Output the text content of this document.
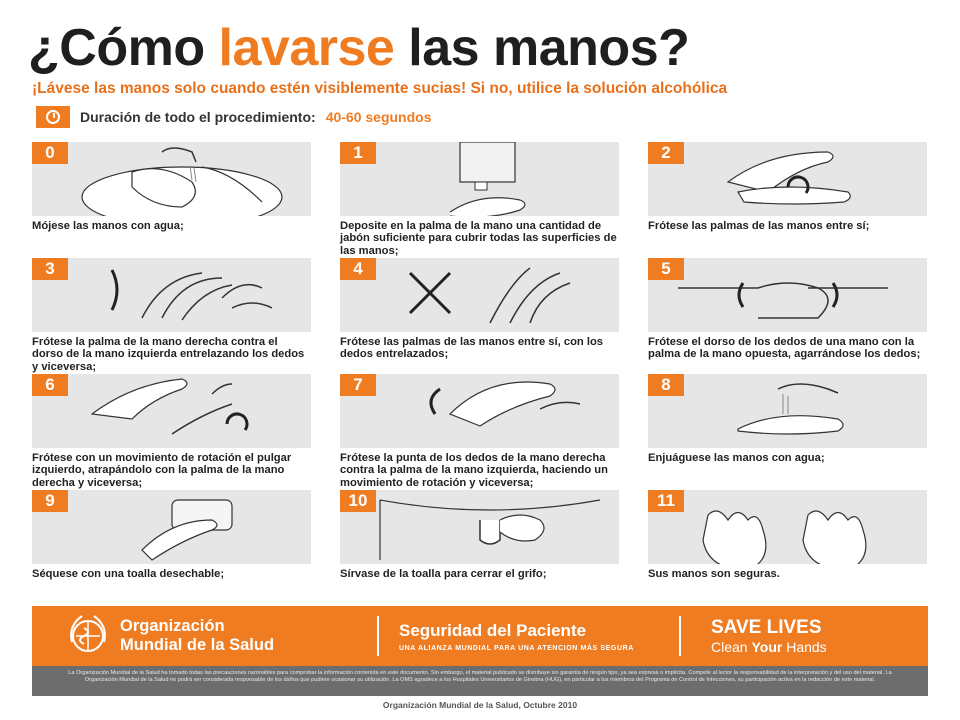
¿Cómo lavarse las manos?
¡Lávese las manos solo cuando estén visiblemente sucias! Si no, utilice la solución alcohólica
Duración de todo el procedimiento: 40-60 segundos
0
Mójese las manos con agua;
1
Deposite en la palma de la mano una cantidad de jabón suficiente para cubrir todas las superficies de las manos;
2
Frótese las palmas de las manos entre sí;
3
Frótese la palma de la mano derecha contra el dorso de la mano izquierda entrelazando los dedos y viceversa;
4
Frótese las palmas de las manos entre sí, con los dedos entrelazados;
5
Frótese el dorso de los dedos de una mano con la palma de la mano opuesta, agarrándose los dedos;
6
Frótese con un movimiento de rotación el pulgar izquierdo, atrapándolo con la palma de la mano derecha y viceversa;
7
Frótese la punta de los dedos de la mano derecha contra la palma de la mano izquierda, haciendo un movimiento de rotación y viceversa;
8
Enjuáguese las manos con agua;
9
Séquese con una toalla desechable;
10
Sírvase de la toalla para cerrar el grifo;
11
Sus manos son seguras.
Organización
Mundial de la Salud
Seguridad del Paciente
UNA ALIANZA MUNDIAL PARA UNA ATENCION MÁS SEGURA
SAVE LIVES
Clean Your Hands
La Organización Mundial de la Salud ha tomado todas las precauciones razonables para comprobar la información contenida en este documento. Sin embargo, el material publicado se distribuye sin garantía de ningún tipo, ya sea expresa o implícita. Compete al lector la responsabilidad de la interpretación y del uso del material. La Organización Mundial de la Salud no podrá ser considerada responsable de los daños que pudiere ocasionar su utilización. La OMS agradece a los Hospitales Universitarios de Ginebra (HUG), en particular a los miembros del Programa de Control de Infecciones, su participación activa en la redacción de este material.
Organización Mundial de la Salud, Octubre 2010
